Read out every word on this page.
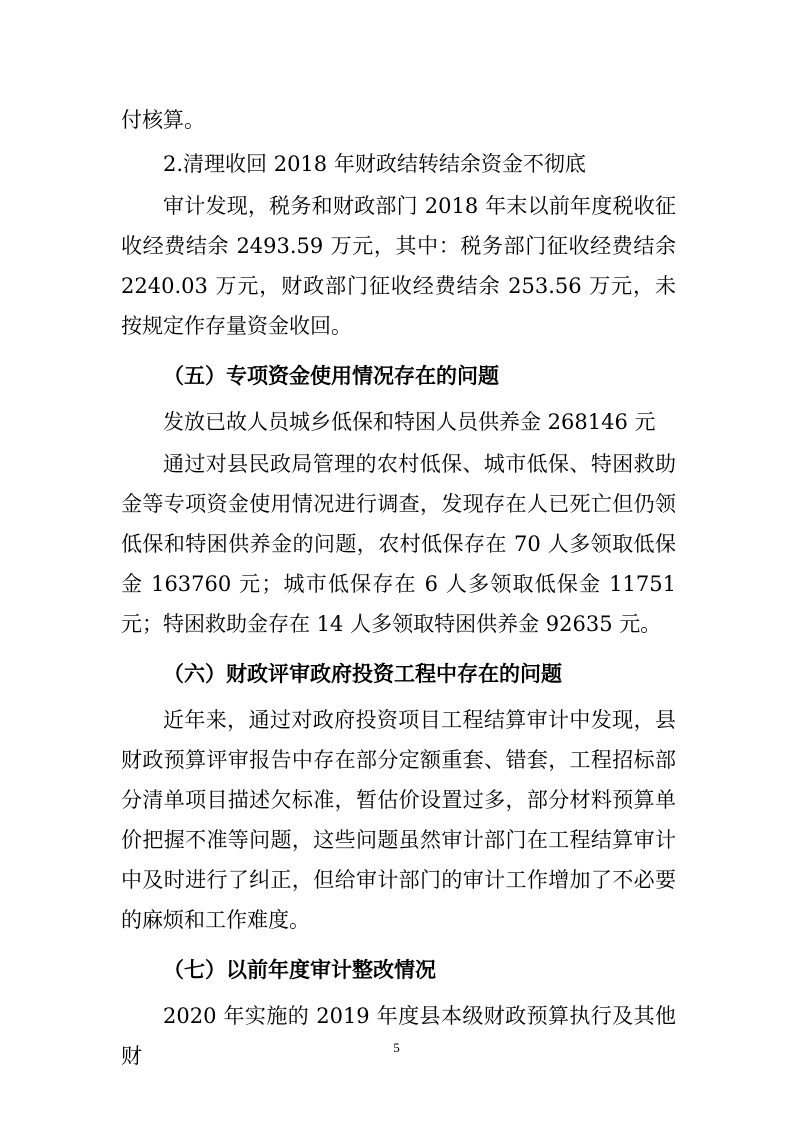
付核算。

2.清理收回 2018 年财政结转结余资金不彻底

审计发现，税务和财政部门 2018 年末以前年度税收征收经费结余 2493.59 万元，其中：税务部门征收经费结余 2240.03 万元，财政部门征收经费结余 253.56 万元，未按规定作存量资金收回。

（五）专项资金使用情况存在的问题

发放已故人员城乡低保和特困人员供养金 268146 元

通过对县民政局管理的农村低保、城市低保、特困救助金等专项资金使用情况进行调查，发现存在人已死亡但仍领低保和特困供养金的问题，农村低保存在 70 人多领取低保金 163760 元；城市低保存在 6 人多领取低保金 11751 元；特困救助金存在 14 人多领取特困供养金 92635 元。

（六）财政评审政府投资工程中存在的问题

近年来，通过对政府投资项目工程结算审计中发现，县财政预算评审报告中存在部分定额重套、错套，工程招标部分清单项目描述欠标准，暂估价设置过多，部分材料预算单价把握不准等问题，这些问题虽然审计部门在工程结算审计中及时进行了纠正，但给审计部门的审计工作增加了不必要的麻烦和工作难度。

（七）以前年度审计整改情况

2020 年实施的 2019 年度县本级财政预算执行及其他财	5
